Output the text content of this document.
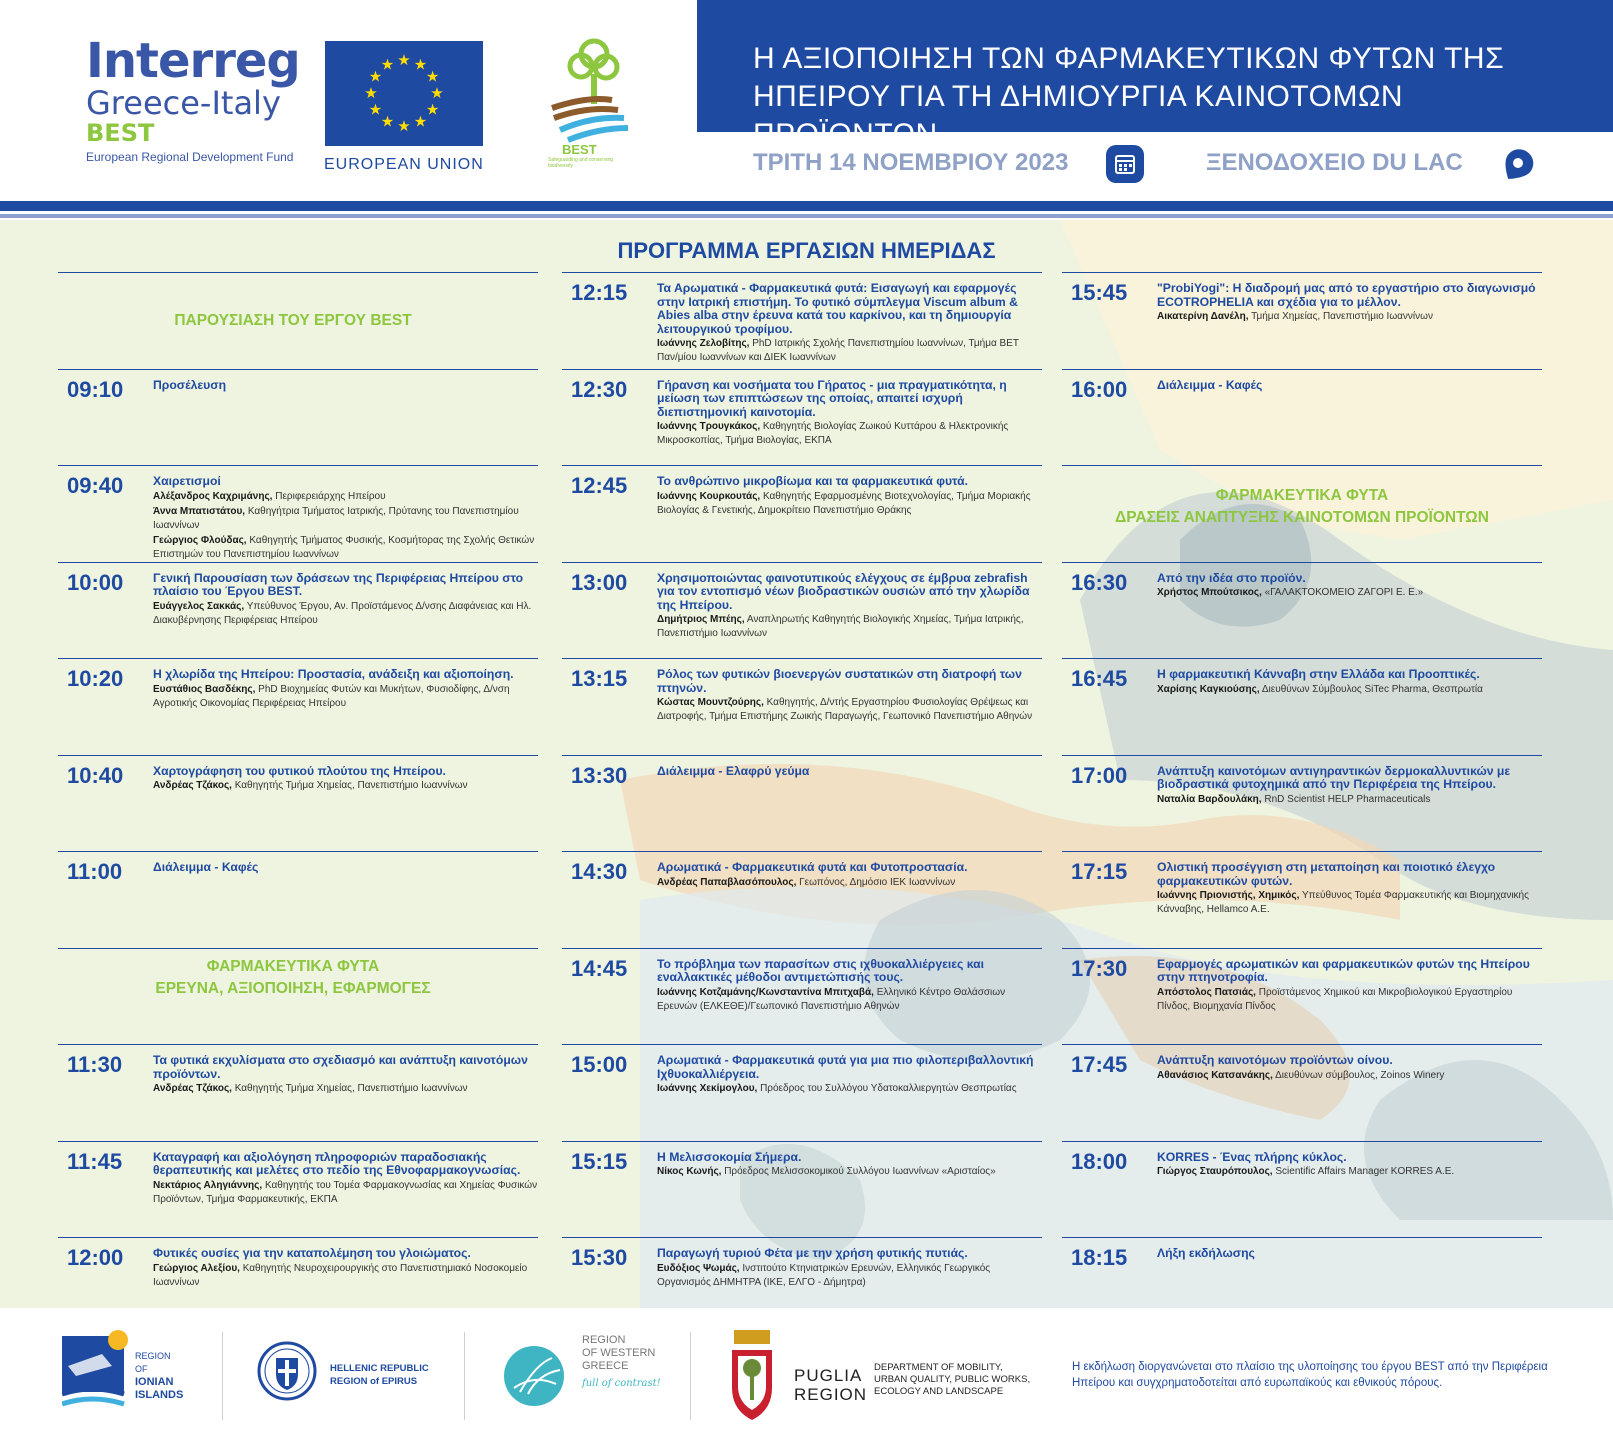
Interreg
Greece-Italy
BEST
European Regional Development Fund
★ ★
★
★
★
★
★
★
★
★
★
★
EUROPEAN UNION
BEST
Safeguarding and conserving biodiversity
Η ΑΞΙΟΠΟΙΗΣΗ ΤΩΝ ΦΑΡΜΑΚΕΥΤΙΚΩΝ ΦΥΤΩΝ ΤΗΣ ΗΠΕΙΡΟΥ ΓΙΑ ΤΗ ΔΗΜΙΟΥΡΓΙΑ ΚΑΙΝΟΤΟΜΩΝ ΠΡΟΪΟΝΤΩΝ
ΤΡΙΤΗ 14 ΝΟΕΜΒΡΙΟΥ 2023	ΞΕΝΟΔΟΧΕΙΟ DU LAC
ΠΡΟΓΡΑΜΜΑ ΕΡΓΑΣΙΩΝ ΗΜΕΡΙΔΑΣ
ΠΑΡΟΥΣΙΑΣΗ ΤΟΥ ΕΡΓΟΥ BEST
ΦΑΡΜΑΚΕΥΤΙΚΑ ΦΥΤΑ
ΕΡΕΥΝΑ, ΑΞΙΟΠΟΙΗΣΗ, ΕΦΑΡΜΟΓΕΣ
ΦΑΡΜΑΚΕΥΤΙΚΑ ΦΥΤΑ
ΔΡΑΣΕΙΣ ΑΝΑΠΤΥΞΗΣ ΚΑΙΝΟΤΟΜΩΝ ΠΡΟΪΟΝΤΩΝ
09:10 Προσέλευση
09:40 Χαιρετισμοί
Αλέξανδρος Καχριμάνης, Περιφερειάρχης Ηπείρου
Άννα Μπατιστάτου, Καθηγήτρια Τμήματος Ιατρικής, Πρύτανης του Πανεπιστημίου Ιωαννίνων
Γεώργιος Φλούδας, Καθηγητής Τμήματος Φυσικής, Κοσμήτορας της Σχολής Θετικών Επιστημών του Πανεπιστημίου Ιωαννίνων
10:00 Γενική Παρουσίαση των δράσεων της Περιφέρειας Ηπείρου στο πλαίσιο του Έργου BEST.
Ευάγγελος Σακκάς, Υπεύθυνος Έργου, Αν. Προϊστάμενος Δ/νσης Διαφάνειας και Ηλ. Διακυβέρνησης Περιφέρειας Ηπείρου
10:20 Η χλωρίδα της Ηπείρου: Προστασία, ανάδειξη και αξιοποίηση.
Ευστάθιος Βασδέκης, PhD Βιοχημείας Φυτών και Μυκήτων, Φυσιοδίφης, Δ/νση Αγροτικής Οικονομίας Περιφέρειας Ηπείρου
10:40 Χαρτογράφηση του φυτικού πλούτου της Ηπείρου.
Ανδρέας Τζάκος, Καθηγητής Τμήμα Χημείας, Πανεπιστήμιο Ιωαννίνων
11:00	Διάλειμμα - Καφές
11:30	Τα φυτικά εκχυλίσματα στο σχεδιασμό και ανάπτυξη καινοτόμων προϊόντων.
Ανδρέας Τζάκος, Καθηγητής Τμήμα Χημείας, Πανεπιστήμιο Ιωαννίνων
11:45	Καταγραφή και αξιολόγηση πληροφοριών παραδοσιακής θεραπευτικής και μελέτες στο πεδίο της Εθνοφαρμακογνωσίας.
Νεκτάριος Αληγιάννης, Καθηγητής του Τομέα Φαρμακογνωσίας και Χημείας Φυσικών Προϊόντων, Τμήμα Φαρμακευτικής, ΕΚΠΑ
12:00 Φυτικές ουσίες για την καταπολέμηση του γλοιώματος.
Γεώργιος Αλεξίου, Καθηγητής Νευροχειρουργικής στο Πανεπιστημιακό Νοσοκομείο Ιωαννίνων
12:15 Τα Αρωματικά - Φαρμακευτικά φυτά: Εισαγωγή και εφαρμογές στην Ιατρική επιστήμη. Το φυτικό σύμπλεγμα Viscum album & Abies alba στην έρευνα κατά του καρκίνου, και τη δημιουργία λειτουργικού τροφίμου.
Ιωάννης Ζελοβίτης, PhD Ιατρικής Σχολής Πανεπιστημίου Ιωαννίνων, Τμήμα BET Παν/μίου Ιωαννίνων και ΔΙΕΚ Ιωαννίνων
12:30 Γήρανση και νοσήματα του Γήρατος - μια πραγματικότητα, η μείωση των επιπτώσεων της οποίας, απαιτεί ισχυρή διεπιστημονική καινοτομία.
Ιωάννης Τρουγκάκος, Καθηγητής Βιολογίας Ζωικού Κυττάρου & Ηλεκτρονικής Μικροσκοπίας, Τμήμα Βιολογίας, ΕΚΠΑ
12:45 Το ανθρώπινο μικροβίωμα και τα φαρμακευτικά φυτά.
Ιωάννης Κουρκουτάς, Καθηγητής Εφαρμοσμένης Βιοτεχνολογίας, Τμήμα Μοριακής Βιολογίας & Γενετικής, Δημοκρίτειο Πανεπιστήμιο Θράκης
13:00 Χρησιμοποιώντας φαινοτυπικούς ελέγχους σε έμβρυα zebrafish για τον εντοπισμό νέων βιοδραστικών ουσιών από την χλωρίδα της Ηπείρου.
Δημήτριος Μπέης, Αναπληρωτής Καθηγητής Βιολογικής Χημείας, Τμήμα Ιατρικής, Πανεπιστήμιο Ιωαννίνων
13:15 Ρόλος των φυτικών βιοενεργών συστατικών στη διατροφή των πτηνών.
Κώστας Μουντζούρης, Καθηγητής, Δ/ντής Εργαστηρίου Φυσιολογίας Θρέψεως και Διατροφής, Τμήμα Επιστήμης Ζωικής Παραγωγής, Γεωπονικό Πανεπιστήμιο Αθηνών
13:30 Διάλειμμα - Ελαφρύ γεύμα
14:30 Αρωματικά - Φαρμακευτικά φυτά και Φυτοπροστασία.
Ανδρέας Παπαβλασόπουλος, Γεωπόνος, Δημόσιο ΙΕΚ Ιωαννίνων
14:45 Το πρόβλημα των παρασίτων στις ιχθυοκαλλιέργειες και εναλλακτικές μέθοδοι αντιμετώπισής τους.
Ιωάννης Κοτζαμάνης/Κωνσταντίνα Μπιτχαβά, Ελληνικό Κέντρο Θαλάσσιων Ερευνών (ΕΛΚΕΘΕ)/Γεωπονικό Πανεπιστήμιο Αθηνών
15:00 Αρωματικά - Φαρμακευτικά φυτά για μια πιο φιλοπεριβαλλοντική Ιχθυοκαλλιέργεια.
Ιωάννης Χεκίμογλου, Πρόεδρος του Συλλόγου Υδατοκαλλιεργητών Θεσπρωτίας
15:15 Η Μελισσοκομία Σήμερα.
Νίκος Κωνής, Πρόεδρος Μελισσοκομικού Συλλόγου Ιωαννίνων «Αρισταίος»
15:30 Παραγωγή τυριού Φέτα με την χρήση φυτικής πυτιάς.
Ευδόξιος Ψωμάς, Ινστιτούτο Κτηνιατρικών Ερευνών, Ελληνικός Γεωργικός Οργανισμός ΔΗΜΗΤΡΑ (ΙΚΕ, ΕΛΓΟ - Δήμητρα)
15:45 "ProbiYogi": Η διαδρομή μας από το εργαστήριο στο διαγωνισμό ECOTROPHELIA και σχέδια για το μέλλον.
Αικατερίνη Δανέλη, Τμήμα Χημείας, Πανεπιστήμιο Ιωαννίνων
16:00 Διάλειμμα - Καφές
16:30 Από την ιδέα στο προϊόν.
Χρήστος Μπούτσικος, «ΓΑΛΑΚΤΟΚΟΜΕΙΟ ΖΑΓΟΡΙ Ε. Ε.»
16:45 Η φαρμακευτική Κάνναβη στην Ελλάδα και Προοπτικές.
Χαρίσης Καγκιούσης, Διευθύνων Σύμβουλος SiTec Pharma, Θεσπρωτία
17:00 Ανάπτυξη καινοτόμων αντιγηραντικών δερμοκαλλυντικών με βιοδραστικά φυτοχημικά από την Περιφέρεια της Ηπείρου.
Ναταλία Βαρδουλάκη, RnD Scientist HELP Pharmaceuticals
17:15 Ολιστική προσέγγιση στη μεταποίηση και ποιοτικό έλεγχο φαρμακευτικών φυτών.
Ιωάννης Πριονιστής, Χημικός, Υπεύθυνος Τομέα Φαρμακευτικής και Βιομηχανικής Κάνναβης, Hellamco A.E.
17:30 Εφαρμογές αρωματικών και φαρμακευτικών φυτών της Ηπείρου στην πτηνοτροφία.
Απόστολος Πατσιάς, Προϊστάμενος Χημικού και Μικροβιολογικού Εργαστηρίου Πίνδος, Βιομηχανία Πίνδος
17:45 Ανάπτυξη καινοτόμων προϊόντων οίνου.
Αθανάσιος Κατσανάκης, Διευθύνων σύμβουλος, Zoinos Winery
18:00 KORRES - Ένας πλήρης κύκλος.
Γιώργος Σταυρόπουλος, Scientific Affairs Manager KORRES A.E.
18:15 Λήξη εκδήλωσης
REGION OF
IONIAN
ISLANDS
HELLENIC REPUBLIC
REGION of EPIRUS
REGION
OF WESTERN
GREECE
full of contrast!	PUGLIA
REGION
DEPARTMENT OF MOBILITY,
URBAN QUALITY, PUBLIC WORKS,
ECOLOGY AND LANDSCAPE
Η εκδήλωση διοργανώνεται στο πλαίσιο της υλοποίησης του έργου BEST από την Περιφέρεια Ηπείρου και συγχρηματοδοτείται από ευρωπαϊκούς και εθνικούς πόρους.
